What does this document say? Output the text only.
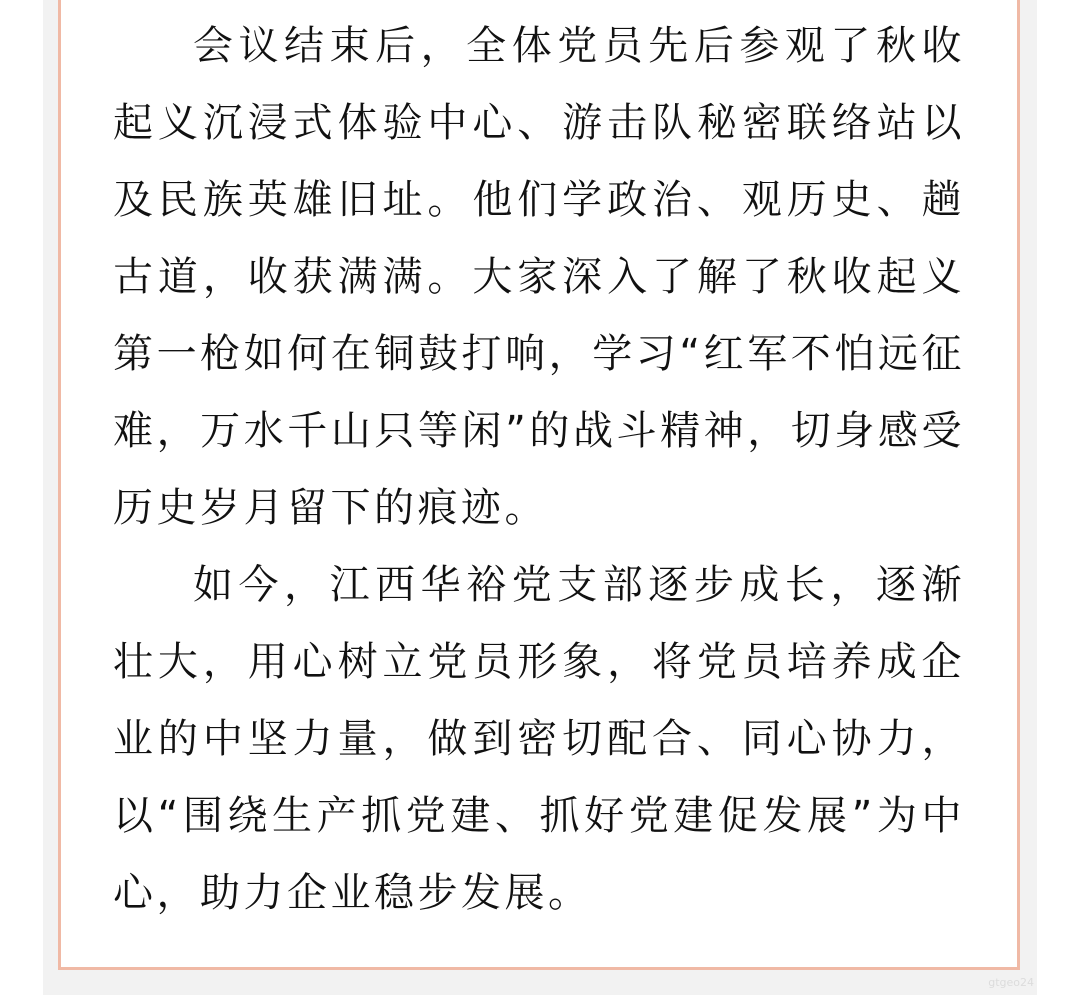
会议结束后，全体党员先后参观了秋收起义沉浸式体验中心、游击队秘密联络站以及民族英雄旧址。他们学政治、观历史、趟古道，收获满满。大家深入了解了秋收起义第一枪如何在铜鼓打响，学习“红军不怕远征难，万水千山只等闲”的战斗精神，切身感受历史岁月留下的痕迹。

如今，江西华裕党支部逐步成长，逐渐壮大，用心树立党员形象，将党员培养成企业的中坚力量，做到密切配合、同心协力，以“围绕生产抓党建、抓好党建促发展”为中心，助力企业稳步发展。

gtgeo24
